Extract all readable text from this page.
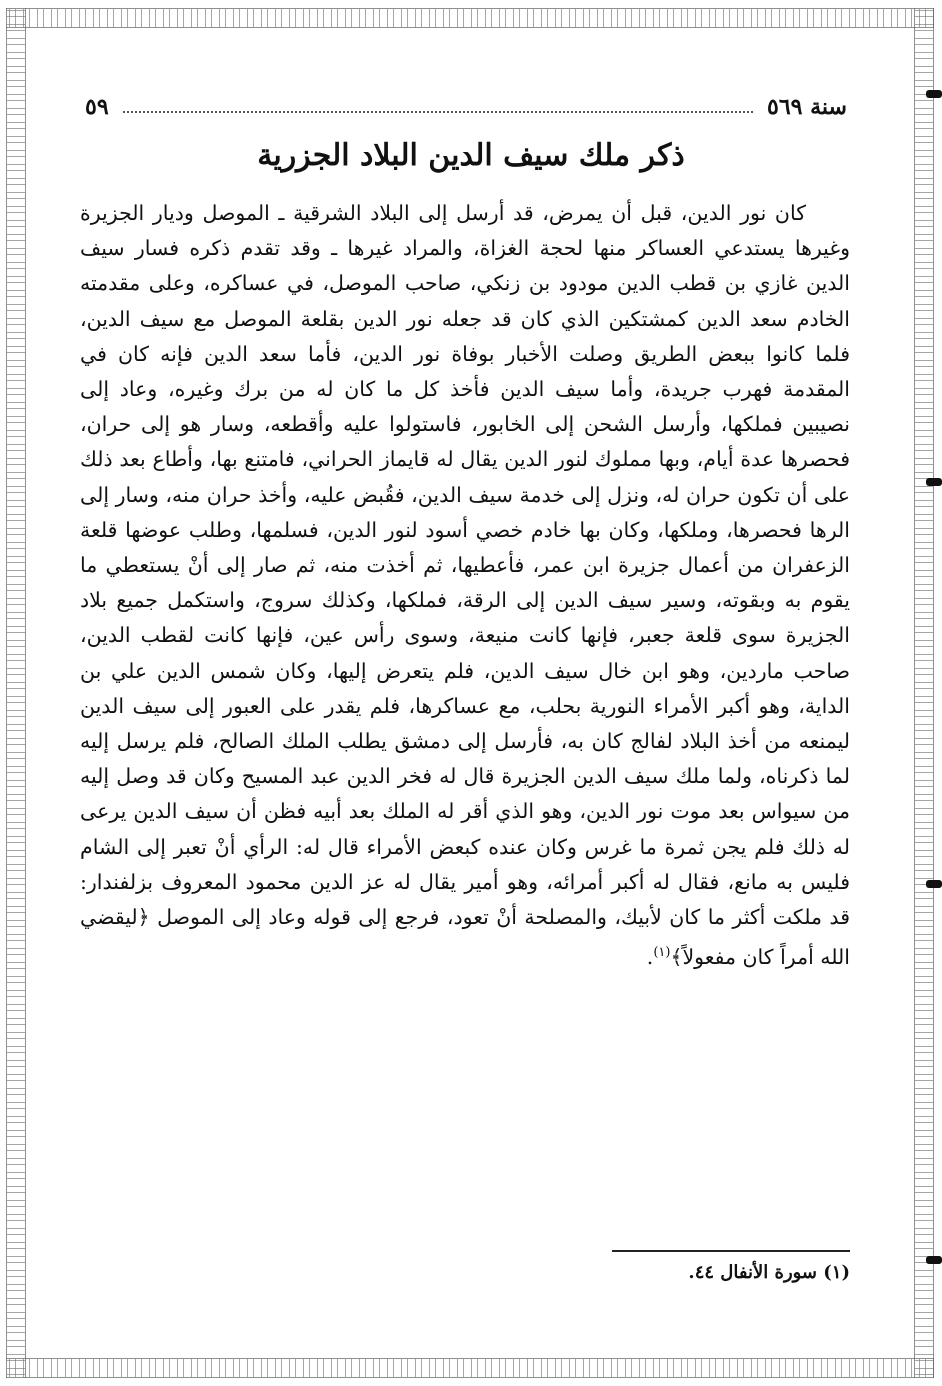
سنة ٥٦٩
٥٩
ذكر ملك سيف الدين البلاد الجزرية
كان نور الدين، قبل أن يمرض، قد أرسل إلى البلاد الشرقية ـ الموصل وديار الجزيرة وغيرها يستدعي العساكر منها لحجة الغزاة، والمراد غيرها ـ وقد تقدم ذكره فسار سيف الدين غازي بن قطب الدين مودود بن زنكي، صاحب الموصل، في عساكره، وعلى مقدمته الخادم سعد الدين كمشتكين الذي كان قد جعله نور الدين بقلعة الموصل مع سيف الدين، فلما كانوا ببعض الطريق وصلت الأخبار بوفاة نور الدين، فأما سعد الدين فإنه كان في المقدمة فهرب جريدة، وأما سيف الدين فأخذ كل ما كان له من برك وغيره، وعاد إلى نصيبين فملكها، وأرسل الشحن إلى الخابور، فاستولوا عليه وأقطعه، وسار هو إلى حران، فحصرها عدة أيام، وبها مملوك لنور الدين يقال له قايماز الحراني، فامتنع بها، وأطاع بعد ذلك على أن تكون حران له، ونزل إلى خدمة سيف الدين، فقُبض عليه، وأخذ حران منه، وسار إلى الرها فحصرها، وملكها، وكان بها خادم خصي أسود لنور الدين، فسلمها، وطلب عوضها قلعة الزعفران من أعمال جزيرة ابن عمر، فأعطيها، ثم أخذت منه، ثم صار إلى أنْ يستعطي ما يقوم به وبقوته، وسير سيف الدين إلى الرقة، فملكها، وكذلك سروج، واستكمل جميع بلاد الجزيرة سوى قلعة جعبر، فإنها كانت منيعة، وسوى رأس عين، فإنها كانت لقطب الدين، صاحب ماردين، وهو ابن خال سيف الدين، فلم يتعرض إليها، وكان شمس الدين علي بن الداية، وهو أكبر الأمراء النورية بحلب، مع عساكرها، فلم يقدر على العبور إلى سيف الدين ليمنعه من أخذ البلاد لفالج كان به، فأرسل إلى دمشق يطلب الملك الصالح، فلم يرسل إليه لما ذكرناه، ولما ملك سيف الدين الجزيرة قال له فخر الدين عبد المسيح وكان قد وصل إليه من سيواس بعد موت نور الدين، وهو الذي أقر له الملك بعد أبيه فظن أن سيف الدين يرعى له ذلك فلم يجن ثمرة ما غرس وكان عنده كبعض الأمراء قال له: الرأي أنْ تعبر إلى الشام فليس به مانع، فقال له أكبر أمرائه، وهو أمير يقال له عز الدين محمود المعروف بزلفندار: قد ملكت أكثر ما كان لأبيك، والمصلحة أنْ تعود، فرجع إلى قوله وعاد إلى الموصل ﴿ليقضي الله أمراً كان مفعولاً﴾$^{(١)}$.
(١) سورة الأنفال ٤٤.
